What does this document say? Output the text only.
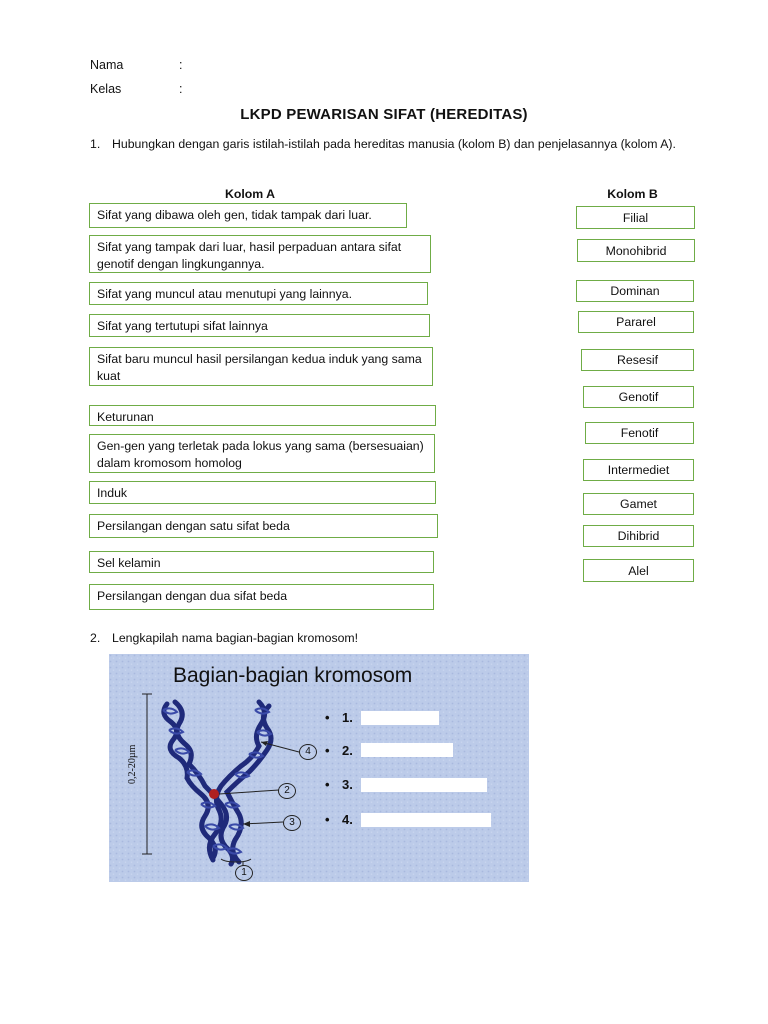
Nama	:
Kelas	:
LKPD PEWARISAN SIFAT (HEREDITAS)
1. Hubungkan dengan garis istilah-istilah pada hereditas manusia (kolom B) dan penjelasannya (kolom A).
Kolom A	Kolom B
Sifat yang dibawa oleh gen, tidak tampak dari luar.
Sifat yang tampak dari luar, hasil perpaduan antara sifat genotif dengan lingkungannya.
Sifat yang muncul atau menutupi yang lainnya.
Sifat yang tertutupi sifat lainnya
Sifat baru muncul hasil persilangan kedua induk yang sama kuat
Keturunan
Gen-gen yang terletak pada lokus yang sama (bersesuaian) dalam kromosom homolog
Induk
Persilangan dengan satu sifat beda
Sel kelamin
Persilangan dengan dua sifat beda
Filial
Monohibrid
Dominan
Pararel
Resesif
Genotif
Fenotif
Intermediet
Gamet
Dihibrid
Alel
2. Lengkapilah nama bagian-bagian kromosom!
Bagian-bagian kromosom
0,2-20µm	4
2
3
1
• 1.
• 2.
• 3.
• 4.
